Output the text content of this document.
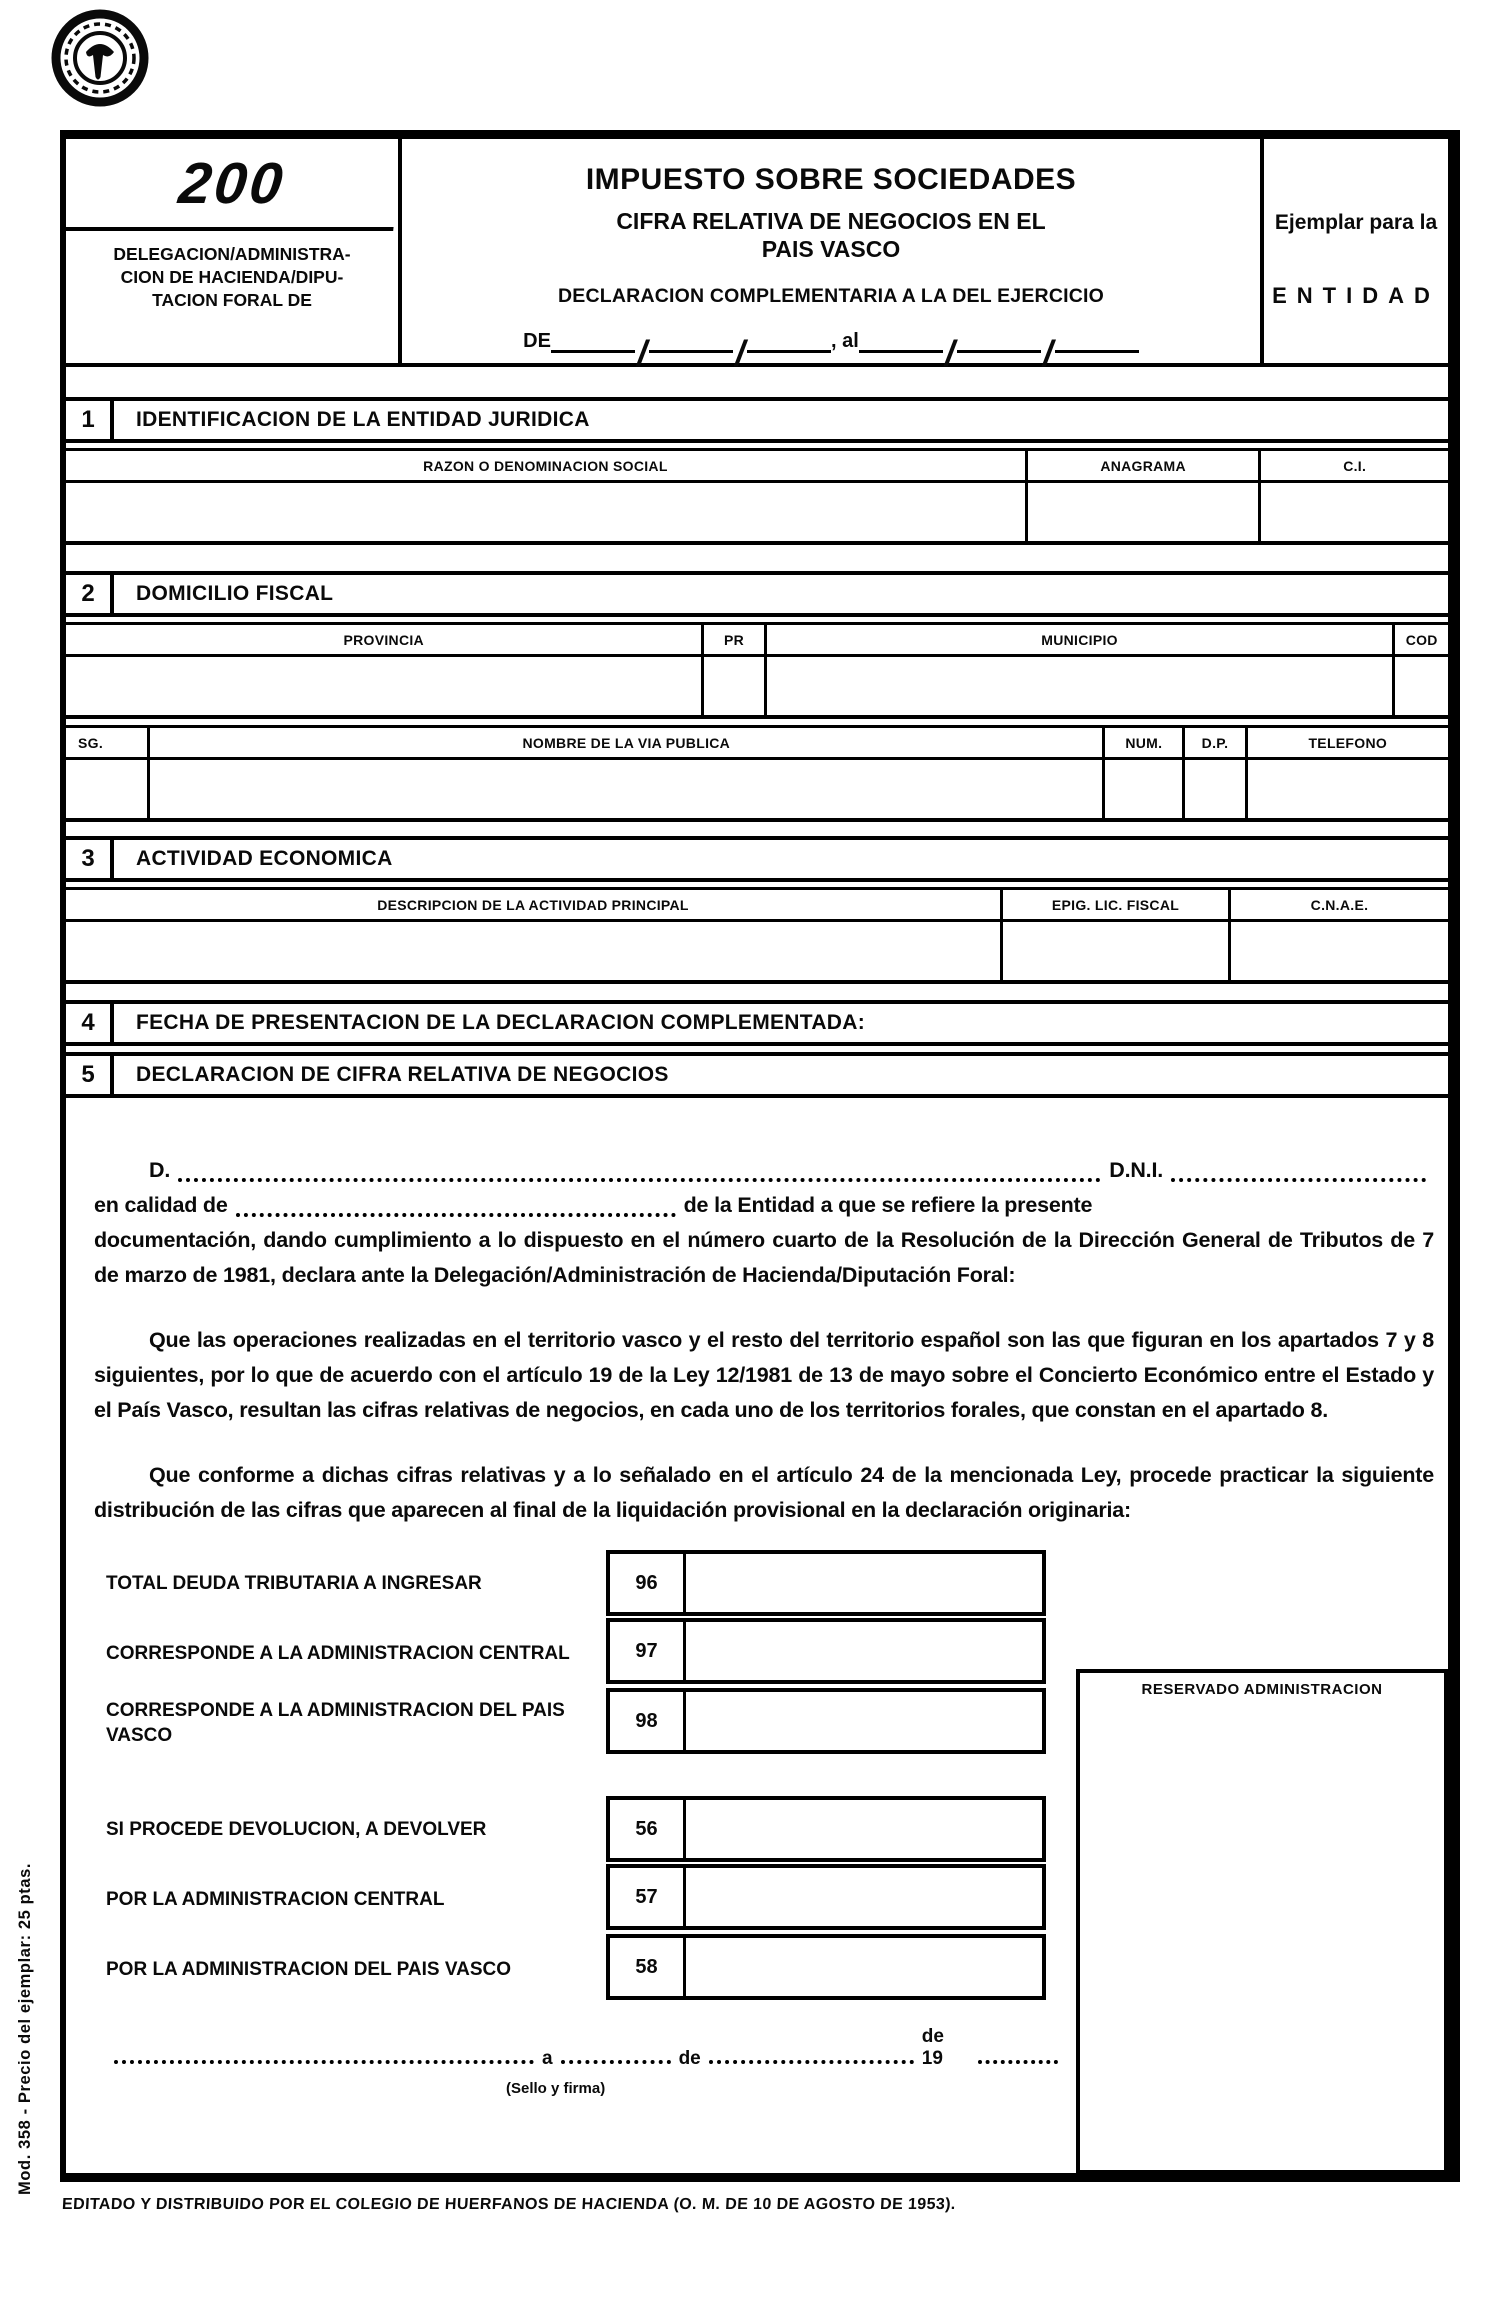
200
DELEGACION/ADMINISTRA-
CION DE HACIENDA/DIPU-
TACION FORAL DE
IMPUESTO SOBRE SOCIEDADES
CIFRA RELATIVA DE NEGOCIOS EN EL
PAIS VASCO
DECLARACION COMPLEMENTARIA A LA DEL EJERCICIO
DE / /	, al / /
Ejemplar para la
ENTIDAD
1	IDENTIFICACION DE LA ENTIDAD JURIDICA
RAZON O DENOMINACION SOCIAL	ANAGRAMA	C.I.
2	DOMICILIO FISCAL
PROVINCIA	PR	MUNICIPIO	COD
SG.	NOMBRE DE LA VIA PUBLICA	NUM.	D.P.	TELEFONO
3	ACTIVIDAD ECONOMICA
DESCRIPCION DE LA ACTIVIDAD PRINCIPAL	EPIG. LIC. FISCAL	C.N.A.E.
4	FECHA DE PRESENTACION DE LA DECLARACION COMPLEMENTADA:
5	DECLARACION DE CIFRA RELATIVA DE NEGOCIOS
D.	D.N.I.
en calidad de	de la Entidad a que se refiere la presente
documentación, dando cumplimiento a lo dispuesto en el número cuarto de la Resolución de la Dirección General de Tributos de 7 de marzo de 1981, declara ante la Delegación/Administración de Hacienda/Diputación Foral:
Que las operaciones realizadas en el territorio vasco y el resto del territorio español son las que figuran en los apartados 7 y 8 siguientes, por lo que de acuerdo con el artículo 19 de la Ley 12/1981 de 13 de mayo sobre el Concierto Económico entre el Estado y el País Vasco, resultan las cifras relativas de negocios, en cada uno de los territorios forales, que constan en el apartado 8.
Que conforme a dichas cifras relativas y a lo señalado en el artículo 24 de la mencionada Ley, procede practicar la siguiente distribución de las cifras que aparecen al final de la liquidación provisional en la declaración originaria:
TOTAL DEUDA TRIBUTARIA A INGRESAR	96
CORRESPONDE A LA ADMINISTRACION CENTRAL	97
CORRESPONDE A LA ADMINISTRACION DEL PAIS VASCO
98
SI PROCEDE DEVOLUCION, A DEVOLVER	56
POR LA ADMINISTRACION CENTRAL	57
POR LA ADMINISTRACION DEL PAIS VASCO	58
RESERVADO ADMINISTRACION
a	de
de 19
(Sello y firma)
Mod. 358 - Precio del ejemplar: 25 ptas.
EDITADO Y DISTRIBUIDO POR EL COLEGIO DE HUERFANOS DE HACIENDA (O. M. DE 10 DE AGOSTO DE 1953).
